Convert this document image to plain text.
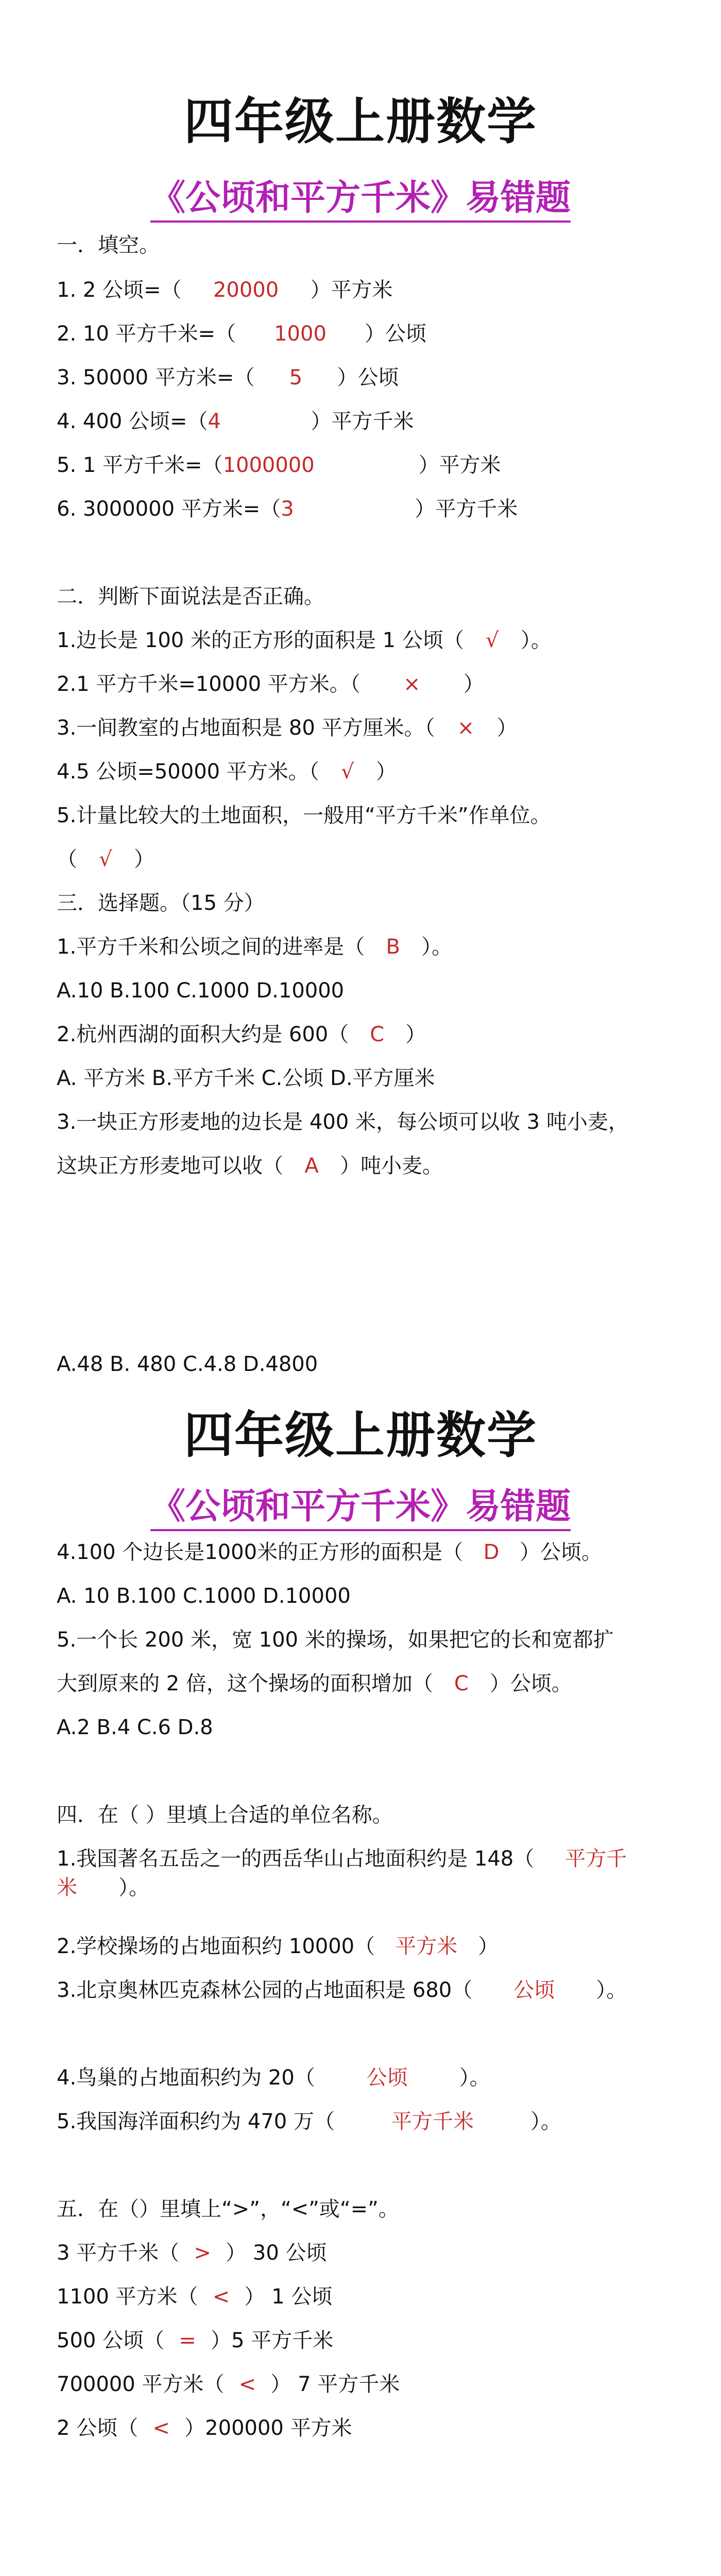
四年级上册数学
《公顷和平方千米》易错题
一．填空。
1. 2 公顷=（ 20000 ）平方米
2. 10 平方千米=（ 1000 ）公顷
3. 50000 平方米=（ 5 ）公顷
4. 400 公顷=（4	）平方千米
5. 1 平方千米=（1000000	）平方米
6. 3000000 平方米=（3	）平方千米
二．判断下面说法是否正确。
1.边长是 100 米的正方形的面积是 1 公顷（ √ ）。
2.1 平方千米=10000 平方米。（ × ）
3.一间教室的占地面积是 80 平方厘米。（ × ）
4.5 公顷=50000 平方米。（ √ ）
5.计量比较大的土地面积，一般用“平方千米”作单位。
（ √ ）
三．选择题。（15 分）
1.平方千米和公顷之间的进率是（ B ）。
A.10 B.100 C.1000 D.10000
2.杭州西湖的面积大约是 600（ C ）
A. 平方米 B.平方千米 C.公顷 D.平方厘米
3.一块正方形麦地的边长是 400 米，每公顷可以收 3 吨小麦，
这块正方形麦地可以收（ A ）吨小麦。
A.48 B. 480 C.4.8 D.4800
四年级上册数学
《公顷和平方千米》易错题
4.100 个边长是1000米的正方形的面积是（ D ）公顷。
A. 10 B.100 C.1000 D.10000
5.一个长 200 米，宽 100 米的操场，如果把它的长和宽都扩
大到原来的 2 倍，这个操场的面积增加（ C ）公顷。
A.2 B.4 C.6 D.8
四．在（ ）里填上合适的单位名称。
1.我国著名五岳之一的西岳华山占地面积约是 148（ 平方千米 ）。
2.学校操场的占地面积约 10000（ 平方米 ）
3.北京奥林匹克森林公园的占地面积是 680（ 公顷 ）。
4.鸟巢的占地面积约为 20（	公顷	）。
5.我国海洋面积约为 470 万（	平方千米	）。
五．在（）里填上“>”，“<”或“=”。
3 平方千米（ > ） 30 公顷
1100 平方米（ < ） 1 公顷
500 公顷（ = ）5 平方千米
700000 平方米（ < ） 7 平方千米
2 公顷（ < ）200000 平方米
